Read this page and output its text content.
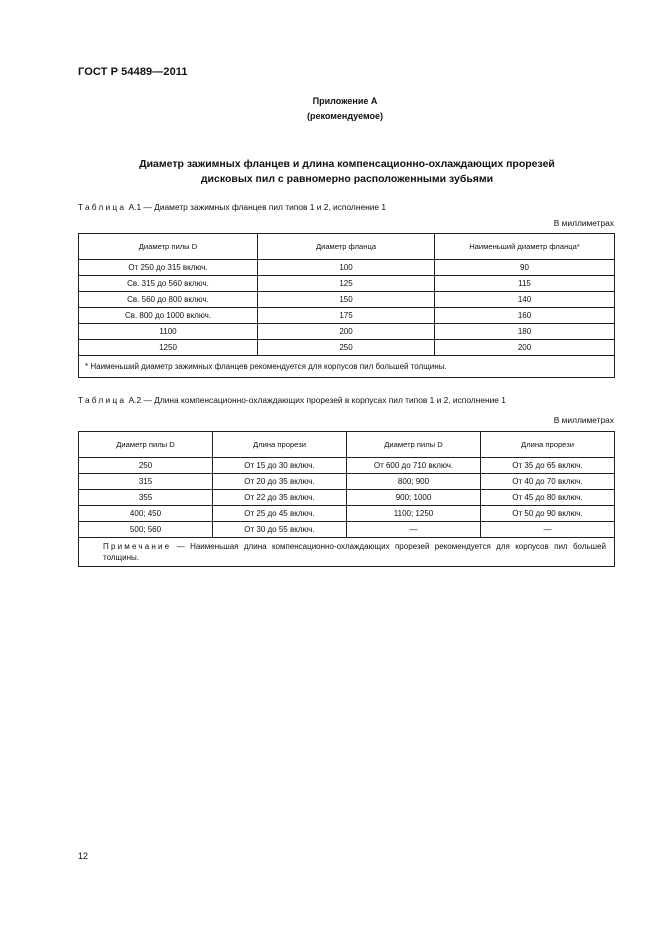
ГОСТ Р 54489—2011
Приложение А
(рекомендуемое)
Диаметр зажимных фланцев и длина компенсационно-охлаждающих прорезей
дисковых пил с равномерно расположенными зубьями
Таблица А.1 — Диаметр зажимных фланцев пил типов 1 и 2, исполнение 1
В миллиметрах
Диаметр пилы D	Диаметр фланца	Наименьший диаметр фланца*
От 250 до 315 включ.	100	90
Св. 315 до 560 включ.	125	115
Св. 560 до 800 включ.	150	140
Св. 800 до 1000 включ.	175	160
1100	200	180
1250	250	200
* Наименьший диаметр зажимных фланцев рекомендуется для корпусов пил большей толщины.		
Таблица А.2 — Длина компенсационно-охлаждающих прорезей в корпусах пил типов 1 и 2, исполнение 1
В миллиметрах
Диаметр пилы D	Длина прорези	Диаметр пилы D	Длина прорези
250	От 15 до 30 включ.	От 600 до 710 включ.	От 35 до 65 включ.
315	От 20 до 35 включ.	800; 900	От 40 до 70 включ.
355	От 22 до 35 включ.	900; 1000	От 45 до 80 включ.
400; 450	От 25 до 45 включ.	1100; 1250	От 50 до 90 включ.
500; 560	От 30 до 55 включ.	—	—
Примечание — Наименьшая длина компенсационно-охлаждающих прорезей рекомендуется для корпусов пил большей толщины.			
12
